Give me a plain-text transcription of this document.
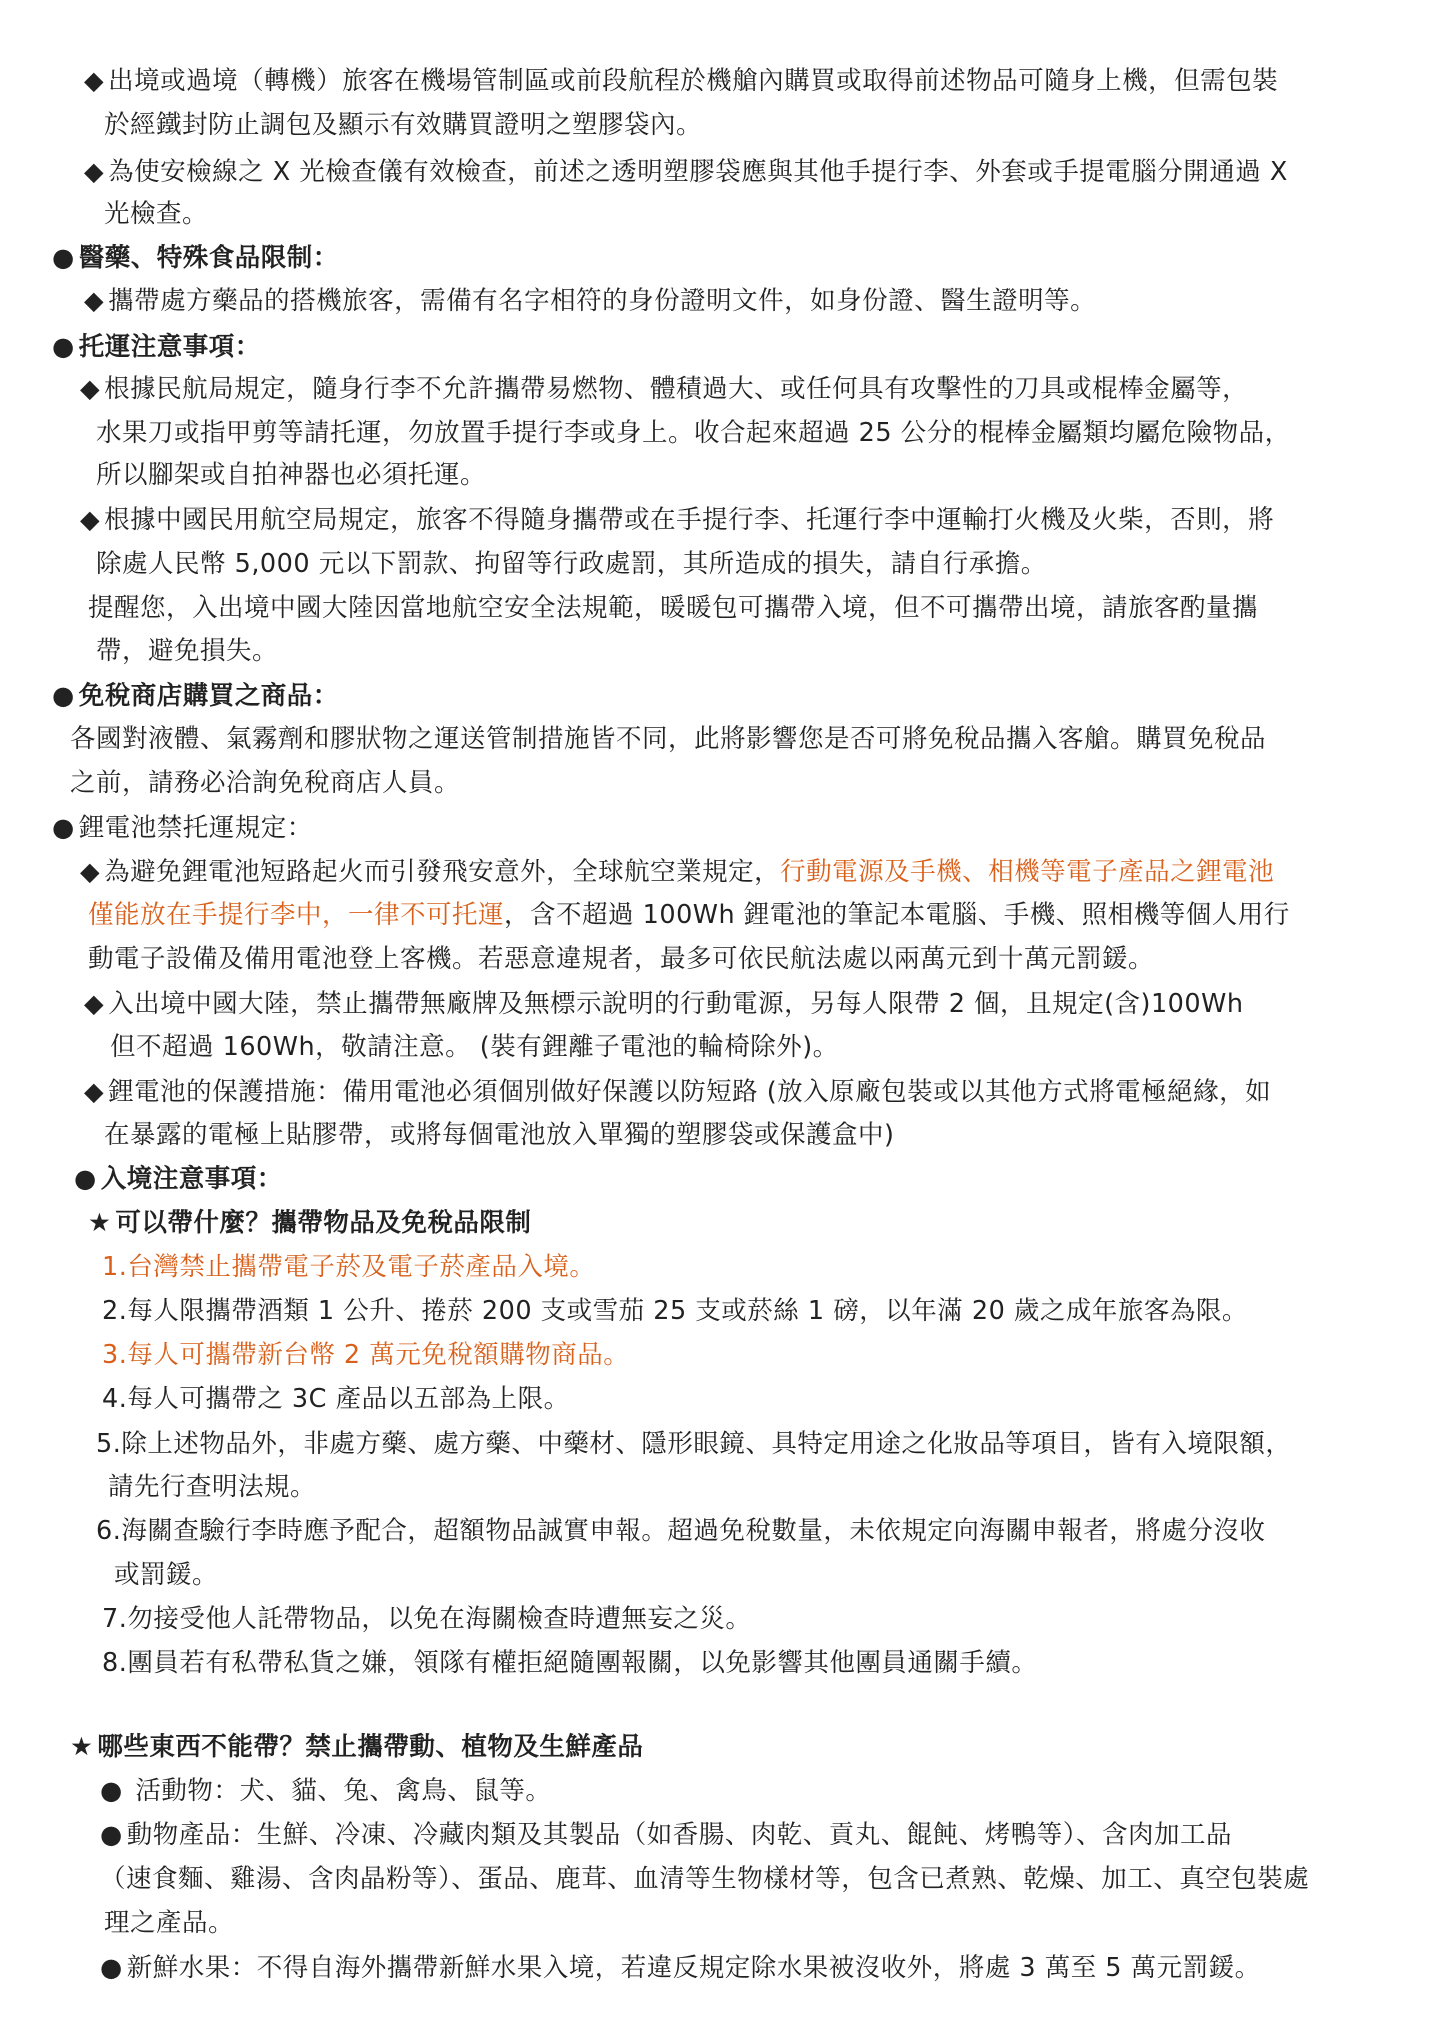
◆ 出境或過境（轉機）旅客在機場管制區或前段航程於機艙內購買或取得前述物品可隨身上機，但需包裝
於經鐵封防止調包及顯示有效購買證明之塑膠袋內。
◆ 為使安檢線之 X 光檢查儀有效檢查，前述之透明塑膠袋應與其他手提行李、外套或手提電腦分開通過 X
光檢查。
● 醫藥、特殊食品限制：
◆ 攜帶處方藥品的搭機旅客，需備有名字相符的身份證明文件，如身份證、醫生證明等。
● 托運注意事項：
◆ 根據民航局規定，隨身行李不允許攜帶易燃物、體積過大、或任何具有攻擊性的刀具或棍棒金屬等，
水果刀或指甲剪等請托運，勿放置手提行李或身上。收合起來超過 25 公分的棍棒金屬類均屬危險物品，
所以腳架或自拍神器也必須托運。
◆ 根據中國民用航空局規定，旅客不得隨身攜帶或在手提行李、托運行李中運輸打火機及火柴，否則，將
除處人民幣 5,000 元以下罰款、拘留等行政處罰，其所造成的損失，請自行承擔。
提醒您，入出境中國大陸因當地航空安全法規範，暖暖包可攜帶入境，但不可攜帶出境，請旅客酌量攜
帶，避免損失。
● 免稅商店購買之商品：
各國對液體、氣霧劑和膠狀物之運送管制措施皆不同，此將影響您是否可將免稅品攜入客艙。購買免稅品
之前，請務必洽詢免稅商店人員。
● 鋰電池禁托運規定：
◆ 為避免鋰電池短路起火而引發飛安意外，全球航空業規定，行動電源及手機、相機等電子產品之鋰電池
僅能放在手提行李中，一律不可托運，含不超過 100Wh 鋰電池的筆記本電腦、手機、照相機等個人用行
動電子設備及備用電池登上客機。若惡意違規者，最多可依民航法處以兩萬元到十萬元罰鍰。
◆ 入出境中國大陸，禁止攜帶無廠牌及無標示說明的行動電源，另每人限帶 2 個，且規定(含)100Wh
但不超過 160Wh，敬請注意。 (裝有鋰離子電池的輪椅除外)。
◆ 鋰電池的保護措施：備用電池必須個別做好保護以防短路 (放入原廠包裝或以其他方式將電極絕緣，如
在暴露的電極上貼膠帶，或將每個電池放入單獨的塑膠袋或保護盒中)
● 入境注意事項：
★ 可以帶什麼？攜帶物品及免稅品限制
1.台灣禁止攜帶電子菸及電子菸產品入境。
2.每人限攜帶酒類 1 公升、捲菸 200 支或雪茄 25 支或菸絲 1 磅，以年滿 20 歲之成年旅客為限。
3.每人可攜帶新台幣 2 萬元免稅額購物商品。
4.每人可攜帶之 3C 產品以五部為上限。
5.除上述物品外，非處方藥、處方藥、中藥材、隱形眼鏡、具特定用途之化妝品等項目，皆有入境限額，
請先行查明法規。
6.海關查驗行李時應予配合，超額物品誠實申報。超過免稅數量，未依規定向海關申報者，將處分沒收
或罰鍰。
7.勿接受他人託帶物品，以免在海關檢查時遭無妄之災。
8.團員若有私帶私貨之嫌，領隊有權拒絕隨團報關，以免影響其他團員通關手續。
★ 哪些東西不能帶？禁止攜帶動、植物及生鮮產品
● 活動物：犬、貓、兔、禽鳥、鼠等。
● 動物產品：生鮮、冷凍、冷藏肉類及其製品（如香腸、肉乾、貢丸、餛飩、烤鴨等）、含肉加工品
（速食麵、雞湯、含肉晶粉等）、蛋品、鹿茸、血清等生物樣材等，包含已煮熟、乾燥、加工、真空包裝處
理之產品。
● 新鮮水果：不得自海外攜帶新鮮水果入境，若違反規定除水果被沒收外，將處 3 萬至 5 萬元罰鍰。
